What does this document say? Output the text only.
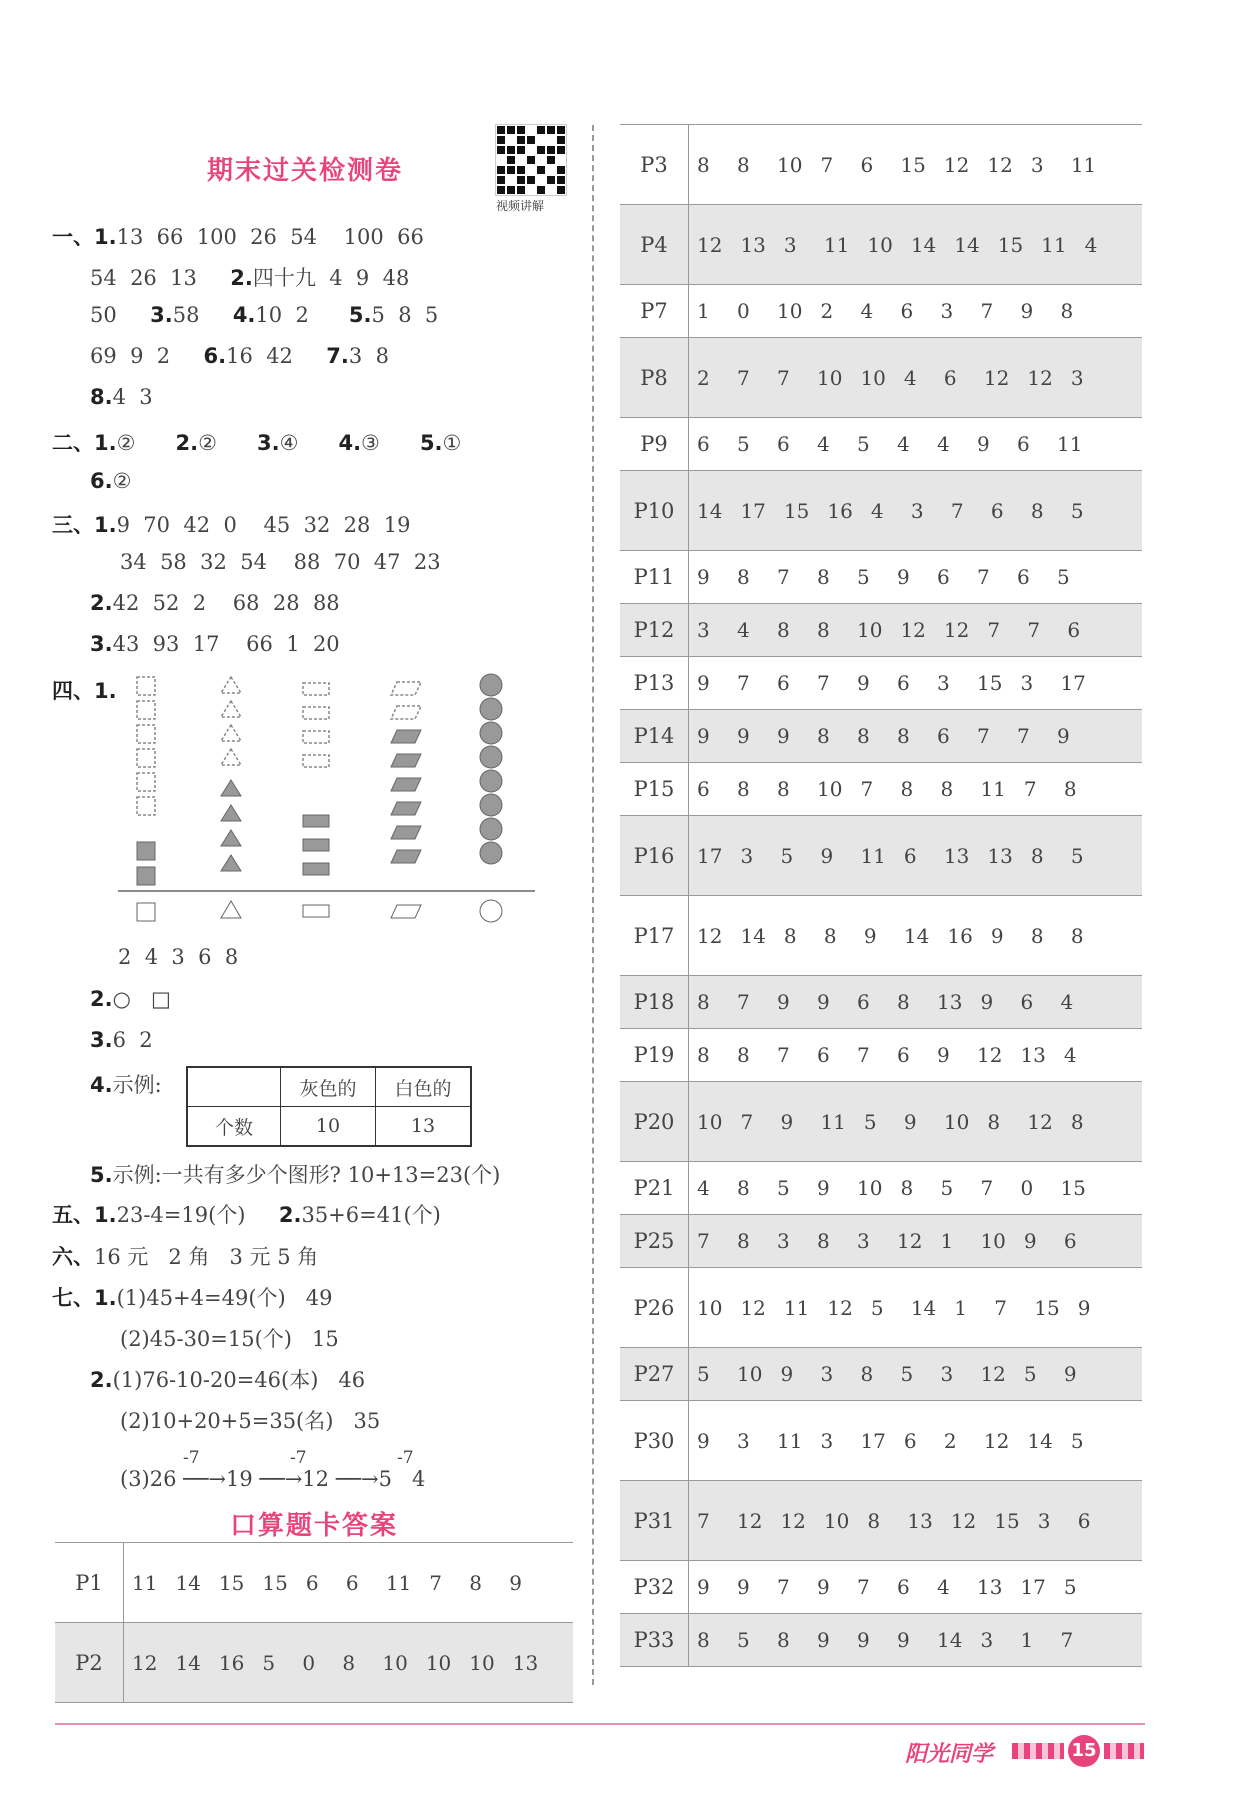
期末过关检测卷
视频讲解
一、1.13  66  100  26  54    100  66
54  26  13     2.四十九  4  9  48
50     3.58     4.10  2      5.5  8  5
69  9  2     6.16  42     7.3  8
8.4  3
二、1.②      2.②      3.④      4.③      5.①
6.②
三、1.9  70  42  0    45  32  28  19
34  58  32  54    88  70  47  23
2.42  52  2    68  28  88
3.43  93  17    66  1  20
四、1.
2  4  3  6  8
2.○   □
3.6  2
4.示例:
		灰色的	白色的
个数	10	13
5.示例:一共有多少个图形? 10+13=23(个)
五、1.23-4=19(个)     2.35+6=41(个)
六、16 元   2 角   3 元 5 角
七、1.(1)45+4=49(个)   49
(2)45-30=15(个)   15
2.(1)76-10-20=46(本)   46
(2)10+20+5=35(名)   35
-7	-7	-7
(3)26 ──→19 ──→12 ──→5   4
口算题卡答案
P1	11 14 15 15 6 6 11 7 8 9
P2	12 14 16 5 0 8 10 10 10 13
P3	8 8 10 7 6 15 12 12 3 11
P4	12 13 3 11 10 14 14 15 11 4
P7	1 0 10 2 4 6 3 7 9 8
P8	2 7 7 10 10 4 6 12 12 3
P9	6 5 6 4 5 4 4 9 6 11
P10	14 17 15 16 4 3 7 6 8 5
P11	9 8 7 8 5 9 6 7 6 5
P12	3 4 8 8 10 12 12 7 7 6
P13	9 7 6 7 9 6 3 15 3 17
P14	9 9 9 8 8 8 6 7 7 9
P15	6 8 8 10 7 8 8 11 7 8
P16	17 3 5 9 11 6 13 13 8 5
P17	12 14 8 8 9 14 16 9 8 8
P18	8 7 9 9 6 8 13 9 6 4
P19	8 8 7 6 7 6 9 12 13 4
P20	10 7 9 11 5 9 10 8 12 8
P21	4 8 5 9 10 8 5 7 0 15
P25	7 8 3 8 3 12 1 10 9 6
P26	10 12 11 12 5 14 1 7 15 9
P27	5 10 9 3 8 5 3 12 5 9
P30	9 3 11 3 17 6 2 12 14 5
P31	7 12 12 10 8 13 12 15 3 6
P32	9 9 7 9 7 6 4 13 17 5
P33	8 5 8 9 9 9 14 3 1 7
阳光同学	15
